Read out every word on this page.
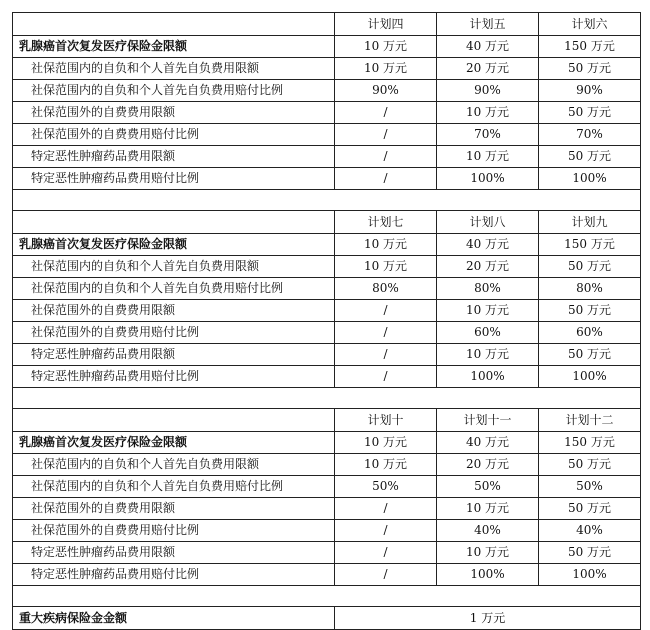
	计划四	计划五	计划六
乳腺癌首次复发医疗保险金限额	10 万元	40 万元	150 万元
社保范围内的自负和个人首先自负费用限额	10 万元	20 万元	50 万元
社保范围内的自负和个人首先自负费用赔付比例	90%	90%	90%
社保范围外的自费费用限额	/	10 万元	50 万元
社保范围外的自费费用赔付比例	/	70%	70%
特定恶性肿瘤药品费用限额	/	10 万元	50 万元
特定恶性肿瘤药品费用赔付比例	/	100%	100%

	计划七	计划八	计划九
乳腺癌首次复发医疗保险金限额	10 万元	40 万元	150 万元
社保范围内的自负和个人首先自负费用限额	10 万元	20 万元	50 万元
社保范围内的自负和个人首先自负费用赔付比例	80%	80%	80%
社保范围外的自费费用限额	/	10 万元	50 万元
社保范围外的自费费用赔付比例	/	60%	60%
特定恶性肿瘤药品费用限额	/	10 万元	50 万元
特定恶性肿瘤药品费用赔付比例	/	100%	100%

	计划十	计划十一	计划十二
乳腺癌首次复发医疗保险金限额	10 万元	40 万元	150 万元
社保范围内的自负和个人首先自负费用限额	10 万元	20 万元	50 万元
社保范围内的自负和个人首先自负费用赔付比例	50%	50%	50%
社保范围外的自费费用限额	/	10 万元	50 万元
社保范围外的自费费用赔付比例	/	40%	40%
特定恶性肿瘤药品费用限额	/	10 万元	50 万元
特定恶性肿瘤药品费用赔付比例	/	100%	100%

重大疾病保险金金额	1 万元		
